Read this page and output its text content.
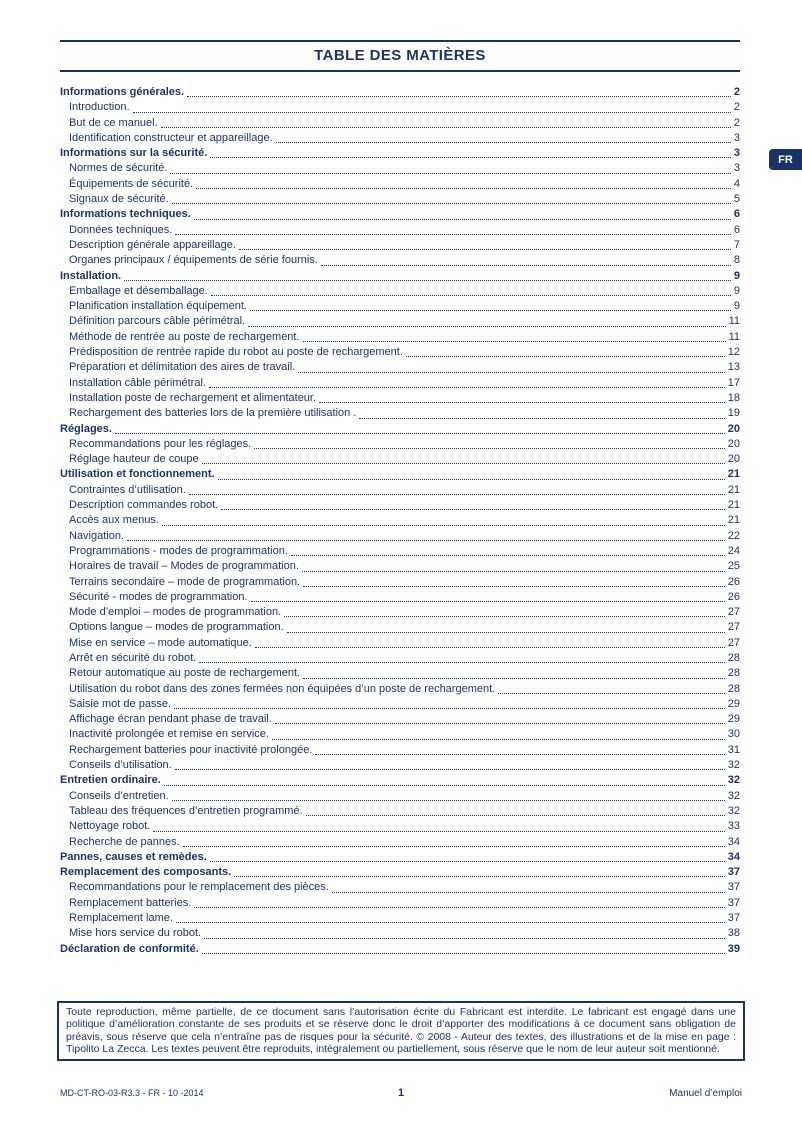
TABLE DES MATIÈRES
Informations générales.	2
Introduction.	2
But de ce manuel.	2
Identification constructeur et appareillage.	3
Informations sur la sécurité.	3
Normes de sécurité.	3
Équipements de sécurité.	4
Signaux de sécurité.	5
Informations techniques.	6
Données techniques.	6
Description générale appareillage.	7
Organes principaux / équipements de série fournis.	8
Installation.	9
Emballage et désemballage.	9
Planification installation équipement.	9
Définition parcours câble périmétral.	11
Méthode de rentrée au poste de rechargement.	11
Prédisposition de rentrée rapide du robot au poste de rechargement.	12
Préparation et délimitation des aires de travail.	13
Installation câble périmétral.	17
Installation poste de rechargement et alimentateur.	18
Rechargement des batteries lors de la première utilisation .	19
Réglages.	20
Recommandations pour les réglages.	20
Réglage hauteur de coupe	20
Utilisation et fonctionnement.	21
Contraintes d’utilisation.	21
Description commandes robot.	21
Accès aux menus.	21
Navigation.	22
Programmations - modes de programmation.	24
Horaires de travail – Modes de programmation.	25
Terrains secondaire – mode de programmation.	26
Sécurité - modes de programmation.	26
Mode d’emploi – modes de programmation.	27
Options langue – modes de programmation.	27
Mise en service – mode automatique.	27
Arrêt en sécurité du robot.	28
Retour automatique au poste de rechargement.	28
Utilisation du robot dans des zones fermées non équipées d’un poste de rechargement.	28
Saisie mot de passe.	29
Affichage écran pendant phase de travail.	29
Inactivité prolongée et remise en service.	30
Rechargement batteries pour inactivité prolongée.	31
Conseils d’utilisation.	32
Entretien ordinaire.	32
Conseils d’entretien.	32
Tableau des fréquences d’entretien programmé.	32
Nettoyage robot.	33
Recherche de pannes.	34
Pannes, causes et remèdes.	34
Remplacement des composants.	37
Recommandations pour le remplacement des pièces.	37
Remplacement batteries.	37
Remplacement lame.	37
Mise hors service du robot.	38
Déclaration de conformité.	39
FR
Toute reproduction, même partielle, de ce document sans l’autorisation écrite du Fabricant est interdite. Le fabricant est engagé dans une politique d’amélioration constante de ses produits et se réserve donc le droit d’apporter des modifications à ce document sans obligation de préavis, sous réserve que cela n’entraîne pas de risques pour la sécurité. © 2008 - Auteur des textes, des illustrations et de la mise en page : Tipolito La Zecca. Les textes peuvent être reproduits, intégralement ou partiellement, sous réserve que le nom de leur auteur soit mentionné.
MD-CT-RO-03-R3.3 - FR - 10 -2014	1	Manuel d’emploi
